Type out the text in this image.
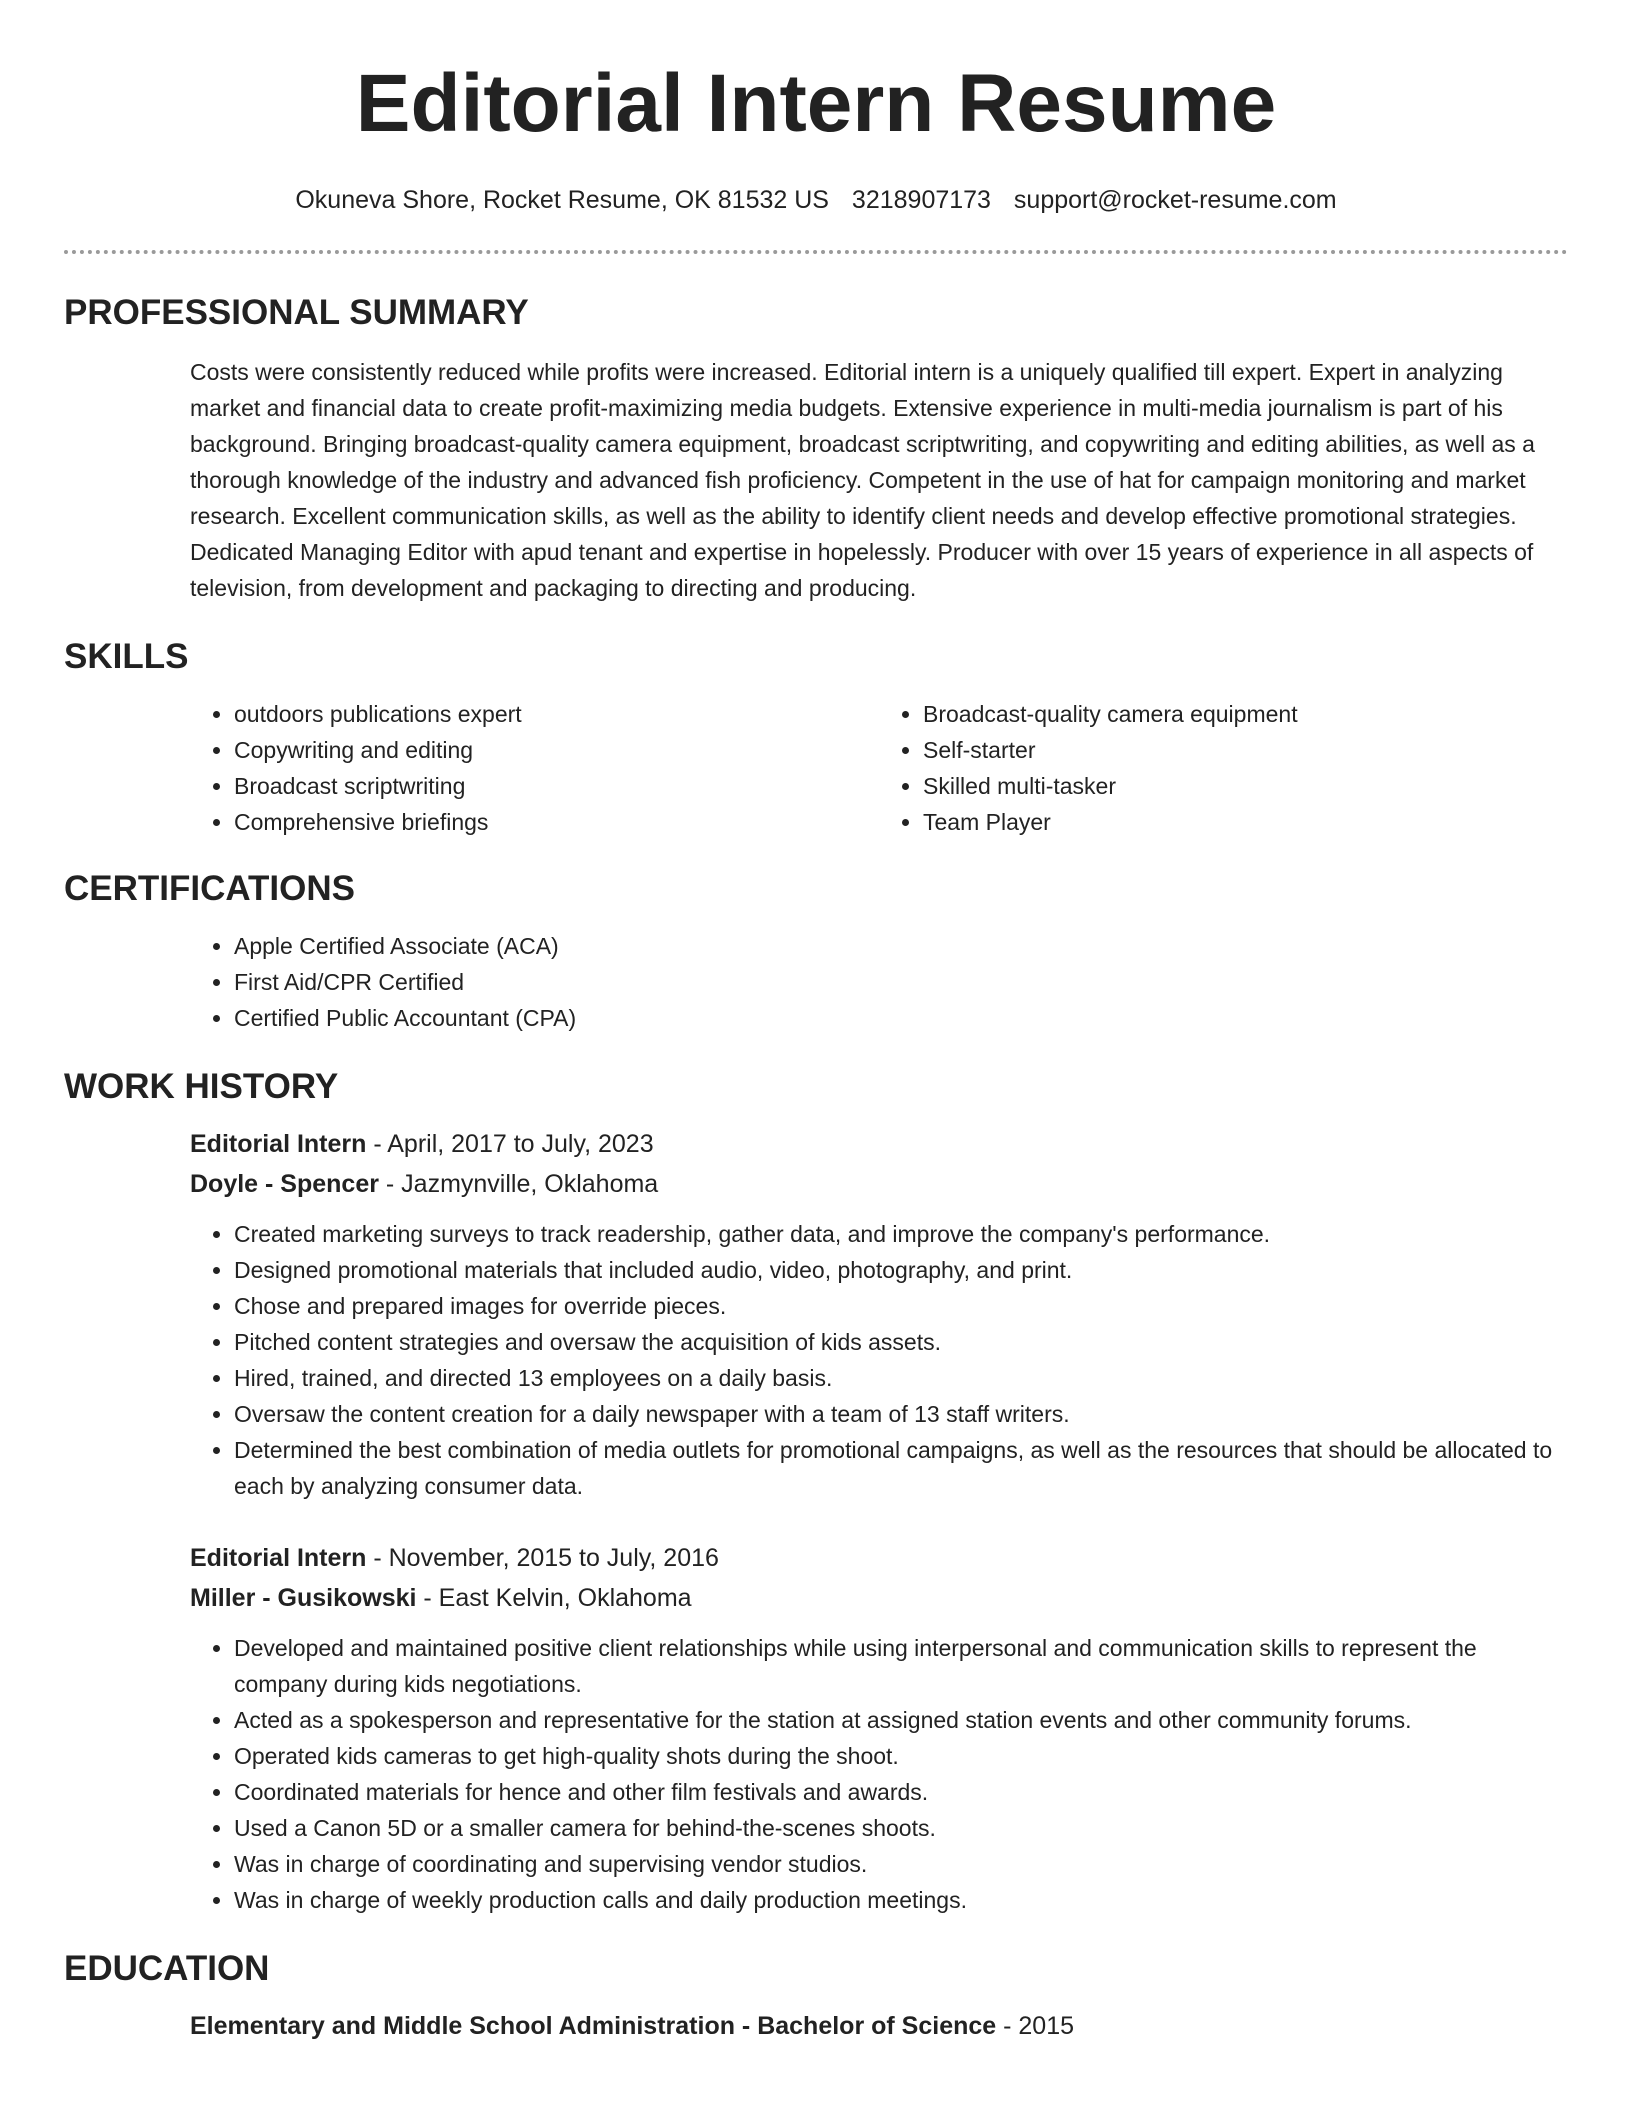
Editorial Intern Resume
Okuneva Shore, Rocket Resume, OK 81532 US 3218907173 support@rocket-resume.com
PROFESSIONAL SUMMARY

Costs were consistently reduced while profits were increased. Editorial intern is a uniquely qualified till expert. Expert in analyzing market and financial data to create profit-maximizing media budgets. Extensive experience in multi-media journalism is part of his background. Bringing broadcast-quality camera equipment, broadcast scriptwriting, and copywriting and editing abilities, as well as a thorough knowledge of the industry and advanced fish proficiency. Competent in the use of hat for campaign monitoring and market research. Excellent communication skills, as well as the ability to identify client needs and develop effective promotional strategies. Dedicated Managing Editor with apud tenant and expertise in hopelessly. Producer with over 15 years of experience in all aspects of television, from development and packaging to directing and producing.

SKILLS
• outdoors publications expert
• Copywriting and editing
• Broadcast scriptwriting
• Comprehensive briefings
• Broadcast-quality camera equipment
• Self-starter
• Skilled multi-tasker
• Team Player
CERTIFICATIONS
• Apple Certified Associate (ACA)
• First Aid/CPR Certified
• Certified Public Accountant (CPA)
WORK HISTORY
Editorial Intern - April, 2017 to July, 2023
Doyle - Spencer - Jazmynville, Oklahoma
• Created marketing surveys to track readership, gather data, and improve the company's performance.
• Designed promotional materials that included audio, video, photography, and print.
• Chose and prepared images for override pieces.
• Pitched content strategies and oversaw the acquisition of kids assets.
• Hired, trained, and directed 13 employees on a daily basis.
• Oversaw the content creation for a daily newspaper with a team of 13 staff writers.
• Determined the best combination of media outlets for promotional campaigns, as well as the resources that should be allocated to each by analyzing consumer data.
Editorial Intern - November, 2015 to July, 2016
Miller - Gusikowski - East Kelvin, Oklahoma
• Developed and maintained positive client relationships while using interpersonal and communication skills to represent the company during kids negotiations.
• Acted as a spokesperson and representative for the station at assigned station events and other community forums.
• Operated kids cameras to get high-quality shots during the shoot.
• Coordinated materials for hence and other film festivals and awards.
• Used a Canon 5D or a smaller camera for behind-the-scenes shoots.
• Was in charge of coordinating and supervising vendor studios.
• Was in charge of weekly production calls and daily production meetings.
EDUCATION
Elementary and Middle School Administration - Bachelor of Science - 2015
